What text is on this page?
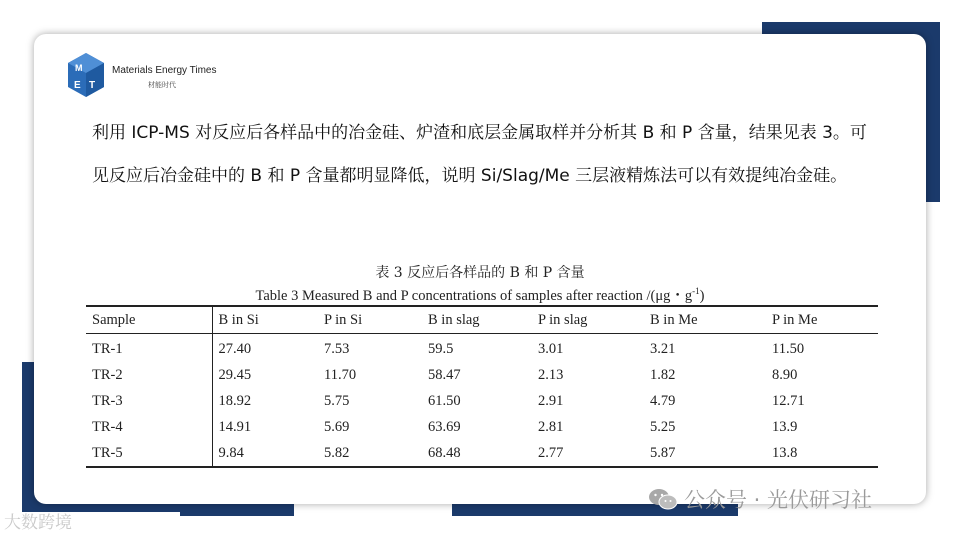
M
E T
Materials Energy Times
材能时代
利用 ICP-MS 对反应后各样品中的冶金硅、炉渣和底层金属取样并分析其 B 和 P 含量，结果见表 3。可见反应后冶金硅中的 B 和 P 含量都明显降低，说明 Si/Slag/Me 三层液精炼法可以有效提纯冶金硅。
表 3 反应后各样品的 B 和 P 含量
Table 3 Measured B and P concentrations of samples after reaction /(μg・$g^{-1}$)
Sample	B in Si	P in Si	B in slag	P in slag	B in Me	P in Me
TR-1	27.40	7.53	59.5	3.01	3.21	11.50
TR-2	29.45	11.70	58.47	2.13	1.82	8.90
TR-3	18.92	5.75	61.50	2.91	4.79	12.71
TR-4	14.91	5.69	63.69	2.81	5.25	13.9
TR-5	9.84	5.82	68.48	2.77	5.87	13.8
公众号 · 光伏研习社
大数跨境
